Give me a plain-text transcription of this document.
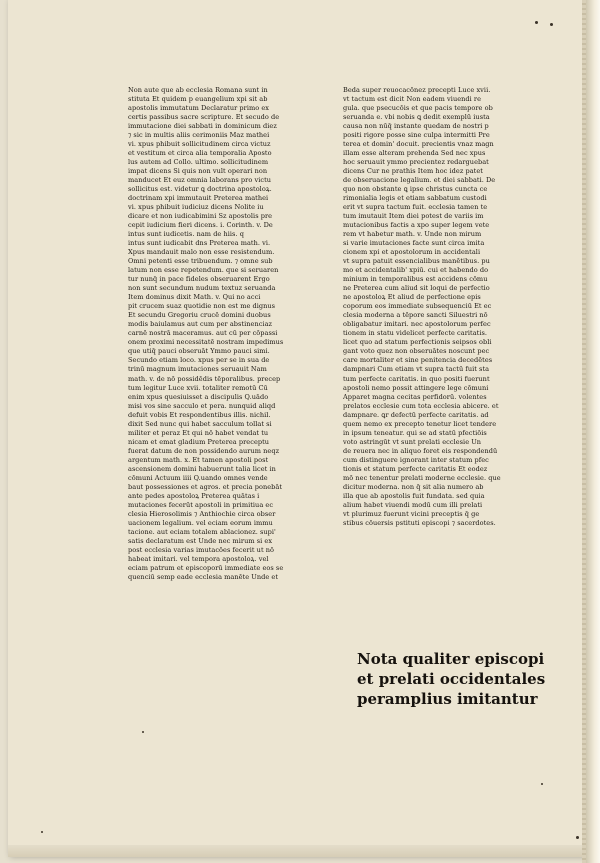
Non aute que ab ecclesia Romana sunt in
stituta Et quidem p euangelium xpi sit ab
apostolis immutatum Declaratur primo ex
certis passibus sacre scripture. Et secudo de
immutacione diei sabbati in dominicum diez
⁊ sic in multis aliis cerimoniis Maz mathei
vi. xpus phibuit sollicitudinem circa victuz
et vestitum et circa alia temporalia Aposto
lus autem ad Collo. ultimo. sollicitudinem
impat dicens Si quis non vult operari non
manducet Et euz omnia laborans pro victu
sollicitus est. videtur ꝗ doctrina apostoloꝝ.
doctrinam xpi immutauit Preterea mathei
vi. xpus phibuit iudiciuz dicens Nolite iu
dicare et non iudicabimini Sz apostolis pre
cepit iudicium fieri dicens. i. Corinth. v. De
intus sunt iudicetis. nam de hiis. q
intus sunt iudicabit dns Preterea math. vi.
Xpus mandauit malo non esse resistendum.
Omni petenti esse tribuendum. ⁊ omne sub
latum non esse repetendum. que si seruaren
tur nunq̄ in pace fideles obseruarent Ergo
non sunt secundum nudum textuz seruanda
Item dominus dixit Math. v. Qui no acci
pit crucem suaz quotidie non est me dignus
Et secundu Gregoriu crucē domini duobus
modis baiulamus aut cum per abstinenciaz
carnē nostrā maceramus. aut cū per cōpassi
onem proximi necessitatē nostram impedimus
que utiq̄ pauci obseruāt Ymmo pauci simi.
Secundo etiam loco. xpus per se in sua de
trinū magnum imutaciones seruauit Nam
math. v. de nō possidēdis tēporalibus. precep
tum legitur Luce xvii. totaliter remotū Cū
enim xpus quesiuisset a discipulis Q.uādo
misi vos sine sacculo et pera. nunquid aliqd
defuit vobis Et respondentibus illis. nichil.
dixit Sed nunc qui habet sacculum tollat si
militer et peraz Et qui nō habet vendat tu
nicam et emat gladium Preterea preceptu
fuerat datum de non possidendo aurum neqz
argentum math. x. Et tamen apostoli post
ascensionem domini habuerunt talia licet in
cōmuni Actuum iiii Q.uando omnes vende
baut possessiones et agros. et precia ponebāt
ante pedes apostoloꝝ Preterea quātas i
mutaciones fecerūt apostoli in primitiua ec
clesia Hierosolimis ⁊ Anthiochie circa obser
uacionem legalium. vel eciam eorum immu
tacione. aut eciam totalem ablacionez. supi'
satis declaratum est Unde nec mirum si ex
post ecclesia varias imutacōes fecerit ut nō
habeat imitari. vel tempora apostoloꝝ. vel
eciam patrum et episcoporū immediate eos se
quenciū semp eade ecclesia manēte Unde et
Beda super reuocacōnez precepti Luce xvii.
vt tactum est dicit Non eadem viuendi re
gula. que psecucōis et que pacis tempore ob
seruanda e. vbi nobis ꝗ dedit exemplū iusta
causa non nūq̄ instante quedam de nostri p
positi rigore posse sine culpa intermitti Pre
terea et domin' docuit. precientis vnaz magn
illam esse alteram prehenda Sed nec xpus
hoc seruauit ymmo precientez redarguebat
dicens Cur ne prathis Item hoc idez patet
de obseruacione legalium. et diei sabbati. De
quo non obstante ꝗ ipse christus cuncta ce
rimonialia legis et etiam sabbatum custodi
erit vt supra tactum fuit. ecclesia tamen te
tum imutauit Item diei potest de variis im
mutacionibus factis a xpo super legem vete
rem vt habetur math. v. Unde non mirum
si varie imutaciones facte sunt circa imita
cionem xpi et apostolorum in accidentali
vt supra patuit essencialibus manētibus. pu
mo et accidentalib' xpiū. cui et habendo do
minium in temporalibus est accidens cōmu
ne Preterea cum aliud sit loqui de perfectio
ne apostoloꝝ Et aliud de perfectione epis
coporum eos immediate subsequenciū Et ec
clesia moderna a tēpore sancti Siluestri nō
obligabatur imitari. nec apostolorum perfec
tionem in statu videlicet perfecte caritatis.
licet quo ad statum perfectionis seipsos obli
gant voto quez non obseruātes noscunt pec
care mortaliter et sine penitencia decedētes
dampnari Cum etiam vt supra tactū fuit sta
tum perfecte caritatis. in quo positi fuerunt
apostoli nemo possit attingere lege cōmuni
Apparet magna cecitas perfidorū. volentes
prelatos ecclesie cum tota ecclesia abicere. et
dampnare. ꝗr defectū perfecte caritatis. ad
quem nemo ex precepto tenetur licet tendere
in ipsum teneatur. qui se ad statū pfectiōis
voto astringūt vt sunt prelati ecclesie Un
de reuera nec in aliquo foret eis respondendū
cum distinguere ignorant inter statum pfec
tionis et statum perfecte caritatis Et eodez
mō nec tenentur prelati moderne ecclesie. que
dicitur moderna. non q̄ sit alia numero ab
illa que ab apostolis fuit fundata. sed quia
alium habet viuendi modū cum illi prelati
vt plurimuz fuerunt vicini preceptis q̄ ge
stibus cōuersis pstituti episcopi ⁊ sacerdotes.
Nota qualiter episcopi
et prelati occidentales
peramplius imitantur
